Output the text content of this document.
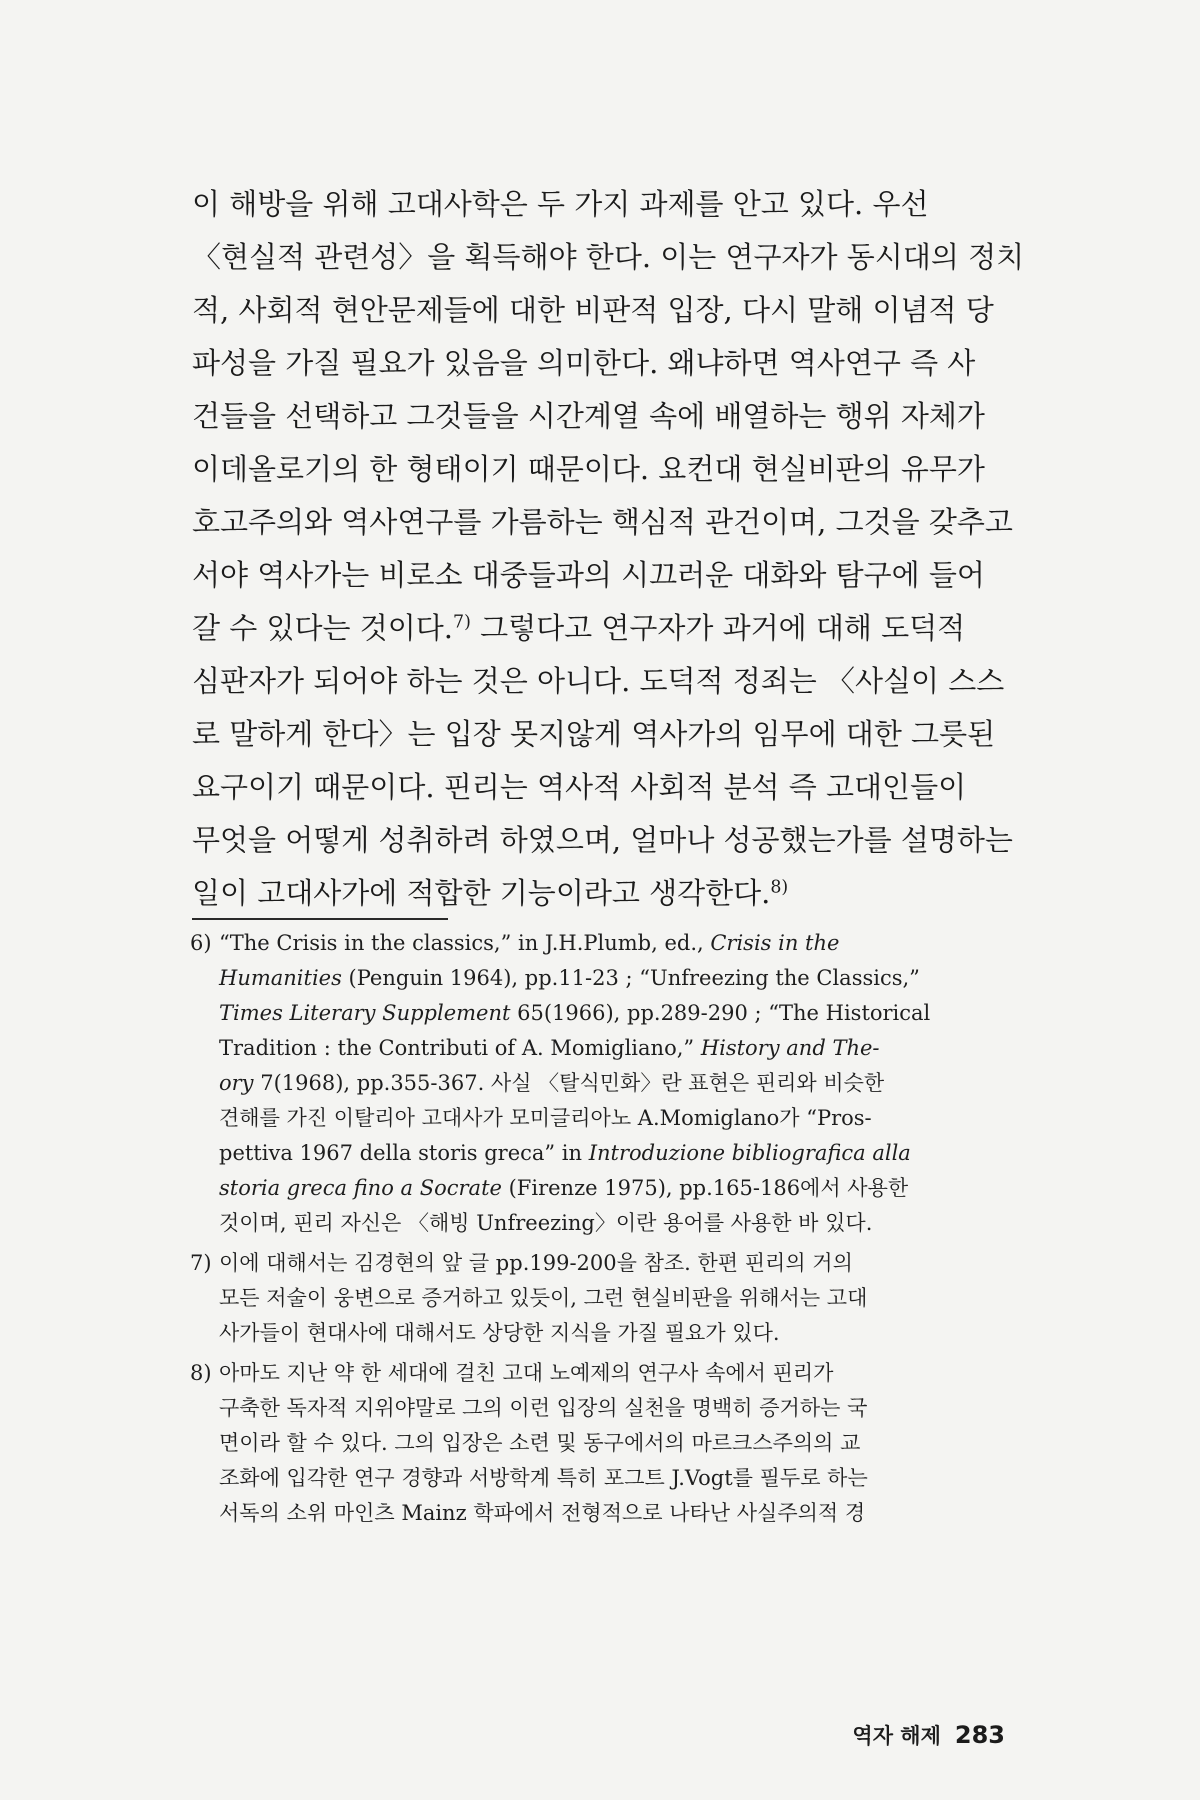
이 해방을 위해 고대사학은 두 가지 과제를 안고 있다. 우선
〈현실적 관련성〉을 획득해야 한다. 이는 연구자가 동시대의 정치
적, 사회적 현안문제들에 대한 비판적 입장, 다시 말해 이념적 당
파성을 가질 필요가 있음을 의미한다. 왜냐하면 역사연구 즉 사
건들을 선택하고 그것들을 시간계열 속에 배열하는 행위 자체가
이데올로기의 한 형태이기 때문이다. 요컨대 현실비판의 유무가
호고주의와 역사연구를 가름하는 핵심적 관건이며, 그것을 갖추고
서야 역사가는 비로소 대중들과의 시끄러운 대화와 탐구에 들어
갈 수 있다는 것이다.$^{7)}$ 그렇다고 연구자가 과거에 대해 도덕적
심판자가 되어야 하는 것은 아니다. 도덕적 정죄는 〈사실이 스스
로 말하게 한다〉는 입장 못지않게 역사가의 임무에 대한 그릇된
요구이기 때문이다. 핀리는 역사적 사회적 분석 즉 고대인들이
무엇을 어떻게 성취하려 하였으며, 얼마나 성공했는가를 설명하는
일이 고대사가에 적합한 기능이라고 생각한다.$^{8)}$
6) “The Crisis in the classics,” in J.H.Plumb, ed., Crisis in the
Humanities (Penguin 1964), pp.11-23 ; “Unfreezing the Classics,”
Times Literary Supplement 65(1966), pp.289-290 ; “The Historical
Tradition : the Contributi of A. Momigliano,” History and The-
ory 7(1968), pp.355-367. 사실 〈탈식민화〉란 표현은 핀리와 비슷한
견해를 가진 이탈리아 고대사가 모미글리아노 A.Momiglano가 “Pros-
pettiva 1967 della storis greca” in Introduzione bibliografica alla
storia greca fino a Socrate (Firenze 1975), pp.165-186에서 사용한
것이며, 핀리 자신은 〈해빙 Unfreezing〉이란 용어를 사용한 바 있다.
7) 이에 대해서는 김경현의 앞 글 pp.199-200을 참조. 한편 핀리의 거의
모든 저술이 웅변으로 증거하고 있듯이, 그런 현실비판을 위해서는 고대
사가들이 현대사에 대해서도 상당한 지식을 가질 필요가 있다.
8) 아마도 지난 약 한 세대에 걸친 고대 노예제의 연구사 속에서 핀리가
구축한 독자적 지위야말로 그의 이런 입장의 실천을 명백히 증거하는 국
면이라 할 수 있다. 그의 입장은 소련 및 동구에서의 마르크스주의의 교
조화에 입각한 연구 경향과 서방학계 특히 포그트 J.Vogt를 필두로 하는
서독의 소위 마인츠 Mainz 학파에서 전형적으로 나타난 사실주의적 경
역자 해제 283
